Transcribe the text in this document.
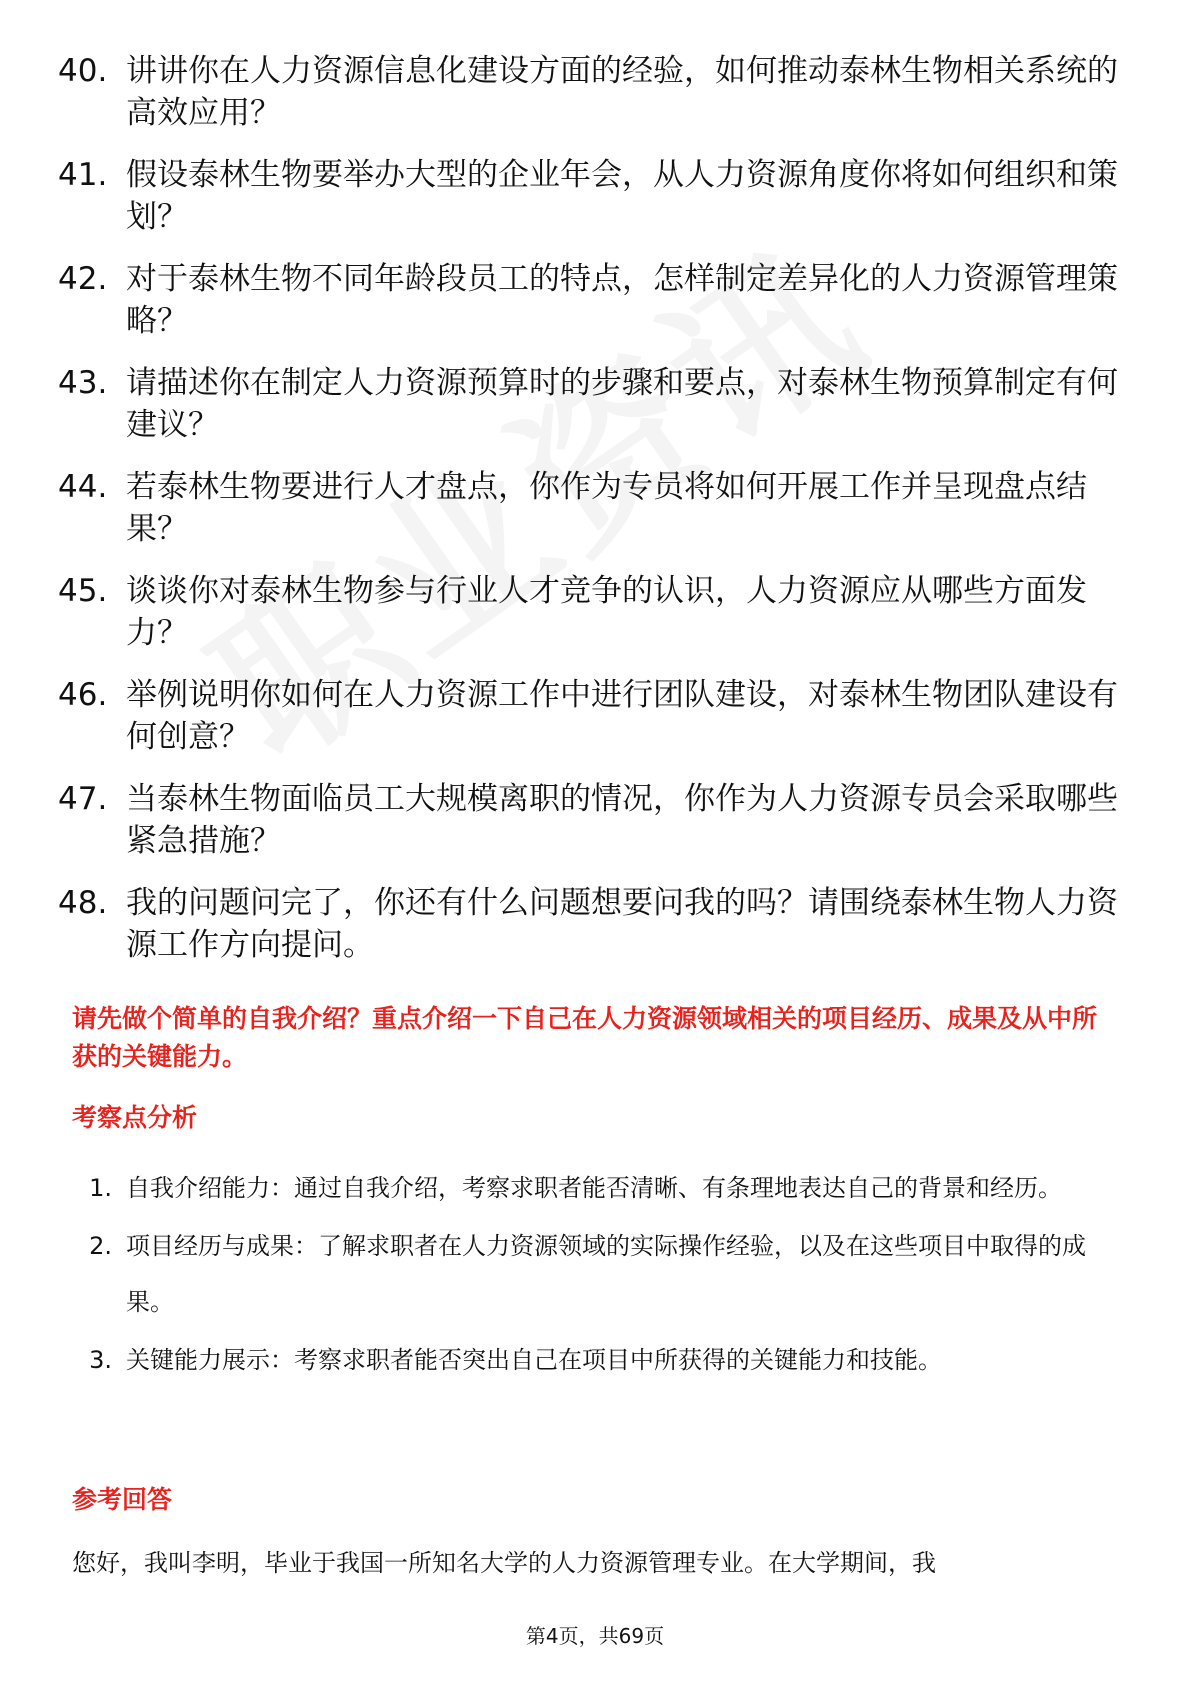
40. 讲讲你在人力资源信息化建设方面的经验，如何推动泰林生物相关系统的高效应用？
41. 假设泰林生物要举办大型的企业年会，从人力资源角度你将如何组织和策划？
42. 对于泰林生物不同年龄段员工的特点，怎样制定差异化的人力资源管理策略？
43. 请描述你在制定人力资源预算时的步骤和要点，对泰林生物预算制定有何建议？
44. 若泰林生物要进行人才盘点，你作为专员将如何开展工作并呈现盘点结果？
45. 谈谈你对泰林生物参与行业人才竞争的认识，人力资源应从哪些方面发力？
46. 举例说明你如何在人力资源工作中进行团队建设，对泰林生物团队建设有何创意？
47. 当泰林生物面临员工大规模离职的情况，你作为人力资源专员会采取哪些紧急措施？
48. 我的问题问完了，你还有什么问题想要问我的吗？请围绕泰林生物人力资源工作方向提问。
请先做个简单的自我介绍？重点介绍一下自己在人力资源领域相关的项目经历、成果及从中所获的关键能力。
考察点分析
1. 自我介绍能力：通过自我介绍，考察求职者能否清晰、有条理地表达自己的背景和经历。
2. 项目经历与成果：了解求职者在人力资源领域的实际操作经验，以及在这些项目中取得的成果。
3. 关键能力展示：考察求职者能否突出自己在项目中所获得的关键能力和技能。
参考回答
您好，我叫李明，毕业于我国一所知名大学的人力资源管理专业。在大学期间，我
第4页，共69页
